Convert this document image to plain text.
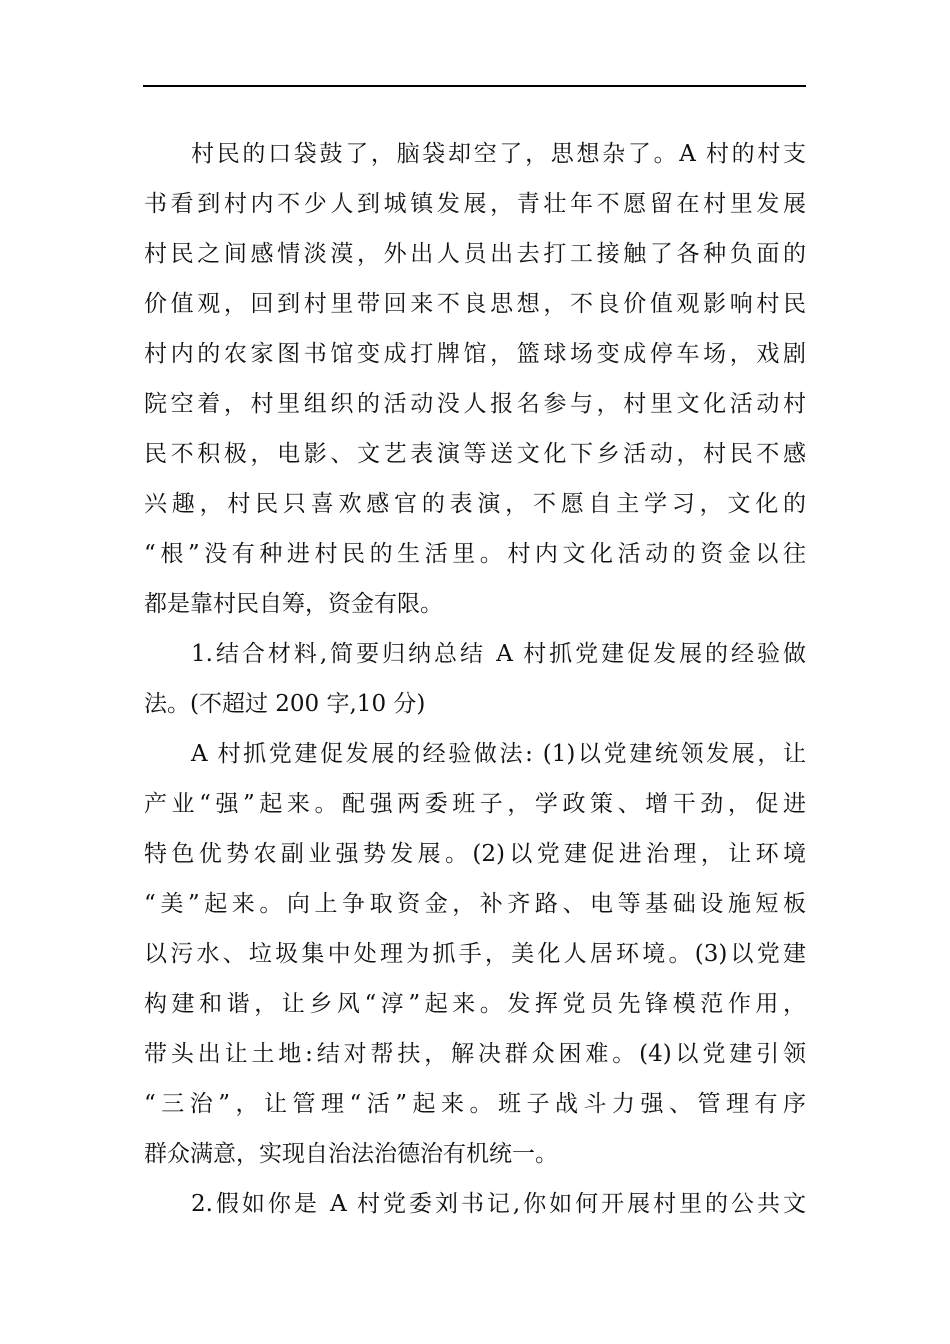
村民的口袋鼓了，脑袋却空了，思想杂了。A 村的村支
书看到村内不少人到城镇发展，青壮年不愿留在村里发展
村民之间感情淡漠，外出人员出去打工接触了各种负面的
价值观，回到村里带回来不良思想，不良价值观影响村民
村内的农家图书馆变成打牌馆，篮球场变成停车场，戏剧
院空着，村里组织的活动没人报名参与，村里文化活动村
民不积极，电影、文艺表演等送文化下乡活动，村民不感
兴趣，村民只喜欢感官的表演，不愿自主学习，文化的
“根”没有种进村民的生活里。村内文化活动的资金以往
都是靠村民自筹，资金有限。
1.结合材料,简要归纳总结 A 村抓党建促发展的经验做
法。(不超过 200 字,10 分)
A 村抓党建促发展的经验做法: (1)以党建统领发展，让
产业“强”起来。配强两委班子，学政策、增干劲，促进
特色优势农副业强势发展。(2)以党建促进治理，让环境
“美”起来。向上争取资金，补齐路、电等基础设施短板
以污水、垃圾集中处理为抓手，美化人居环境。(3)以党建
构建和谐，让乡风“淳”起来。发挥党员先锋模范作用，
带头出让土地:结对帮扶，解决群众困难。(4)以党建引领
“三治”，让管理“活”起来。班子战斗力强、管理有序
群众满意，实现自治法治德治有机统一。
2.假如你是 A 村党委刘书记,你如何开展村里的公共文
